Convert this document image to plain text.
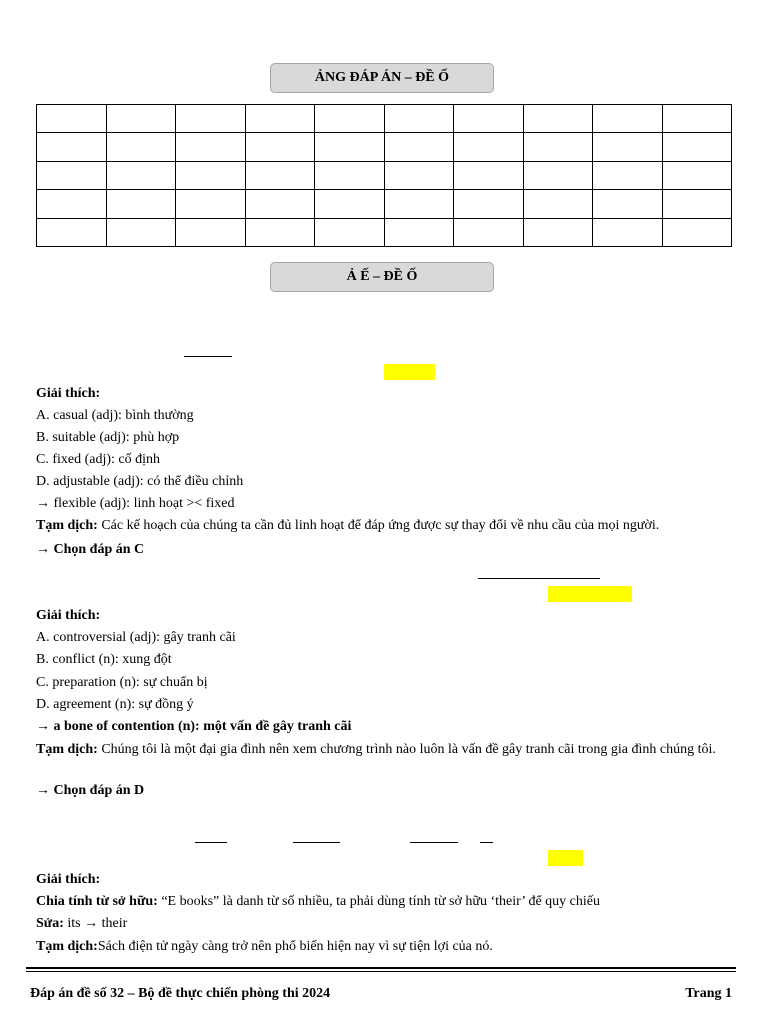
ẢNG ĐÁP ÁN – ĐỀ Ố

Ả Ế – ĐỀ Ố
Giải thích:
A. casual (adj): bình thường
B. suitable (adj): phù hợp
C. fixed (adj): cố định
D. adjustable (adj): có thể điều chỉnh
→ flexible (adj): linh hoạt >< fixed
Tạm dịch: Các kế hoạch của chúng ta cần đủ linh hoạt để đáp ứng được sự thay đổi về nhu cầu của mọi người.
→ Chọn đáp án C
Giải thích:
A. controversial (adj): gây tranh cãi
B. conflict (n): xung đột
C. preparation (n): sự chuẩn bị
D. agreement (n): sự đồng ý
→ a bone of contention (n): một vấn đề gây tranh cãi
Tạm dịch: Chúng tôi là một đại gia đình nên xem chương trình nào luôn là vấn đề gây tranh cãi trong gia đình chúng tôi.
→ Chọn đáp án D
Giải thích:
Chia tính từ sở hữu: “E books” là danh từ số nhiều, ta phải dùng tính từ sở hữu ‘their’ để quy chiếu
Sửa: its → their
Tạm dịch:Sách điện tử ngày càng trở nên phổ biến hiện nay vì sự tiện lợi của nó.
Đáp án đề số 32 – Bộ đề thực chiến phòng thi 2024	Trang 1
